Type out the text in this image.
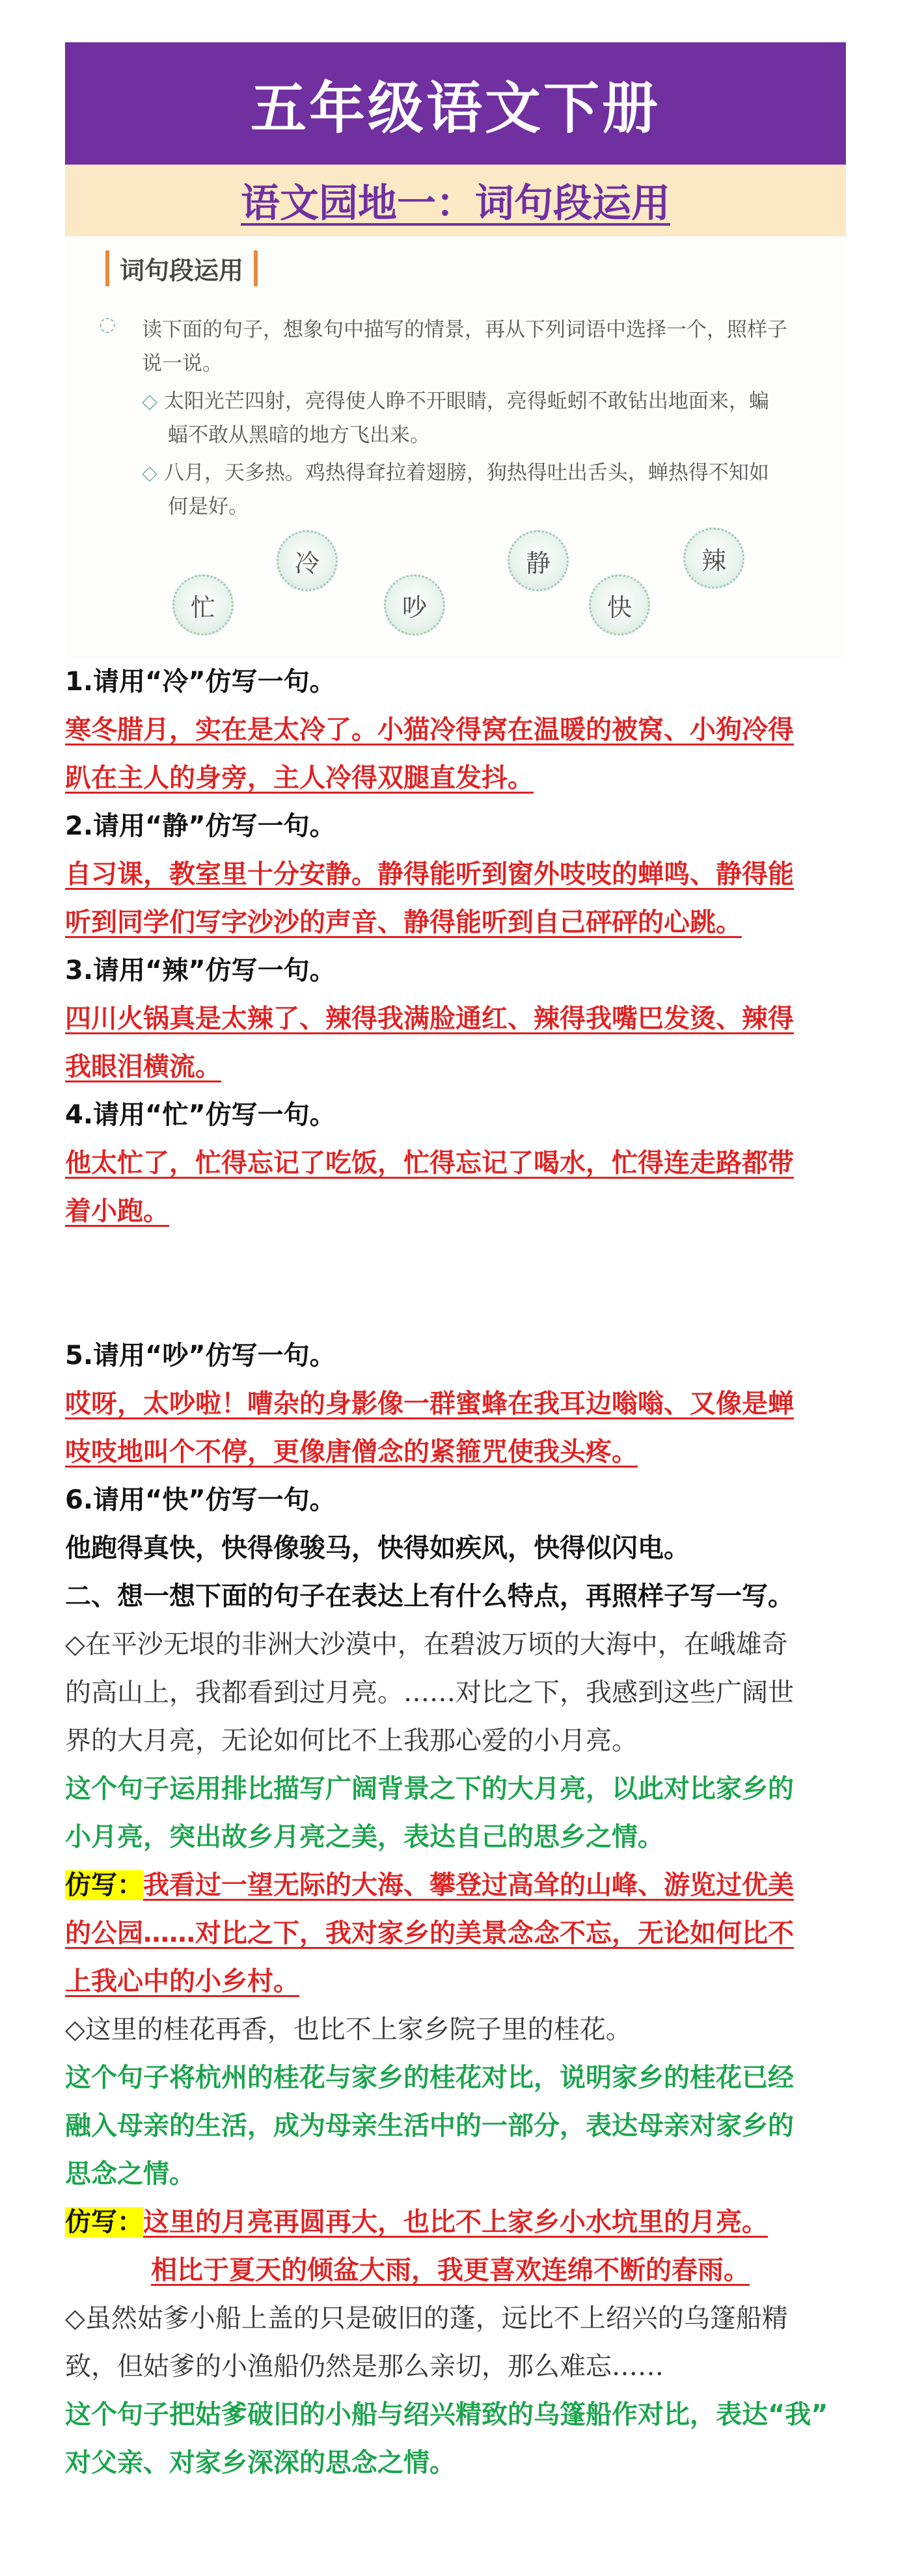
五年级语文下册
语文园地一：词句段运用
词句段运用
◌ 读下面的句子，想象句中描写的情景，再从下列词语中选择一个，照样子
说一说。
◇ 太阳光芒四射，亮得使人睁不开眼睛，亮得蚯蚓不敢钻出地面来，蝙
蝠不敢从黑暗的地方飞出来。
◇ 八月，天多热。鸡热得耷拉着翅膀，狗热得吐出舌头，蝉热得不知如
何是好。
冷	静	辣
忙	吵	快
1.请用“冷”仿写一句。
寒冬腊月，实在是太冷了。小猫冷得窝在温暖的被窝、小狗冷得
趴在主人的身旁，主人冷得双腿直发抖。
2.请用“静”仿写一句。
自习课，教室里十分安静。静得能听到窗外吱吱的蝉鸣、静得能
听到同学们写字沙沙的声音、静得能听到自己砰砰的心跳。
3.请用“辣”仿写一句。
四川火锅真是太辣了、辣得我满脸通红、辣得我嘴巴发烫、辣得
我眼泪横流。
4.请用“忙”仿写一句。
他太忙了，忙得忘记了吃饭，忙得忘记了喝水，忙得连走路都带
着小跑。
5.请用“吵”仿写一句。
哎呀，太吵啦！嘈杂的身影像一群蜜蜂在我耳边嗡嗡、又像是蝉
吱吱地叫个不停，更像唐僧念的紧箍咒使我头疼。
6.请用“快”仿写一句。
他跑得真快，快得像骏马，快得如疾风，快得似闪电。
二、想一想下面的句子在表达上有什么特点，再照样子写一写。
◇在平沙无垠的非洲大沙漠中，在碧波万顷的大海中，在峨雄奇
的高山上，我都看到过月亮。……对比之下，我感到这些广阔世
界的大月亮，无论如何比不上我那心爱的小月亮。
这个句子运用排比描写广阔背景之下的大月亮，以此对比家乡的
小月亮，突出故乡月亮之美，表达自己的思乡之情。
仿写：我看过一望无际的大海、攀登过高耸的山峰、游览过优美
的公园……对比之下，我对家乡的美景念念不忘，无论如何比不
上我心中的小乡村。
◇这里的桂花再香，也比不上家乡院子里的桂花。
这个句子将杭州的桂花与家乡的桂花对比，说明家乡的桂花已经
融入母亲的生活，成为母亲生活中的一部分，表达母亲对家乡的
思念之情。
仿写：这里的月亮再圆再大，也比不上家乡小水坑里的月亮。
相比于夏天的倾盆大雨，我更喜欢连绵不断的春雨。
◇虽然姑爹小船上盖的只是破旧的蓬，远比不上绍兴的乌篷船精
致，但姑爹的小渔船仍然是那么亲切，那么难忘……
这个句子把姑爹破旧的小船与绍兴精致的乌篷船作对比，表达“我”
对父亲、对家乡深深的思念之情。
